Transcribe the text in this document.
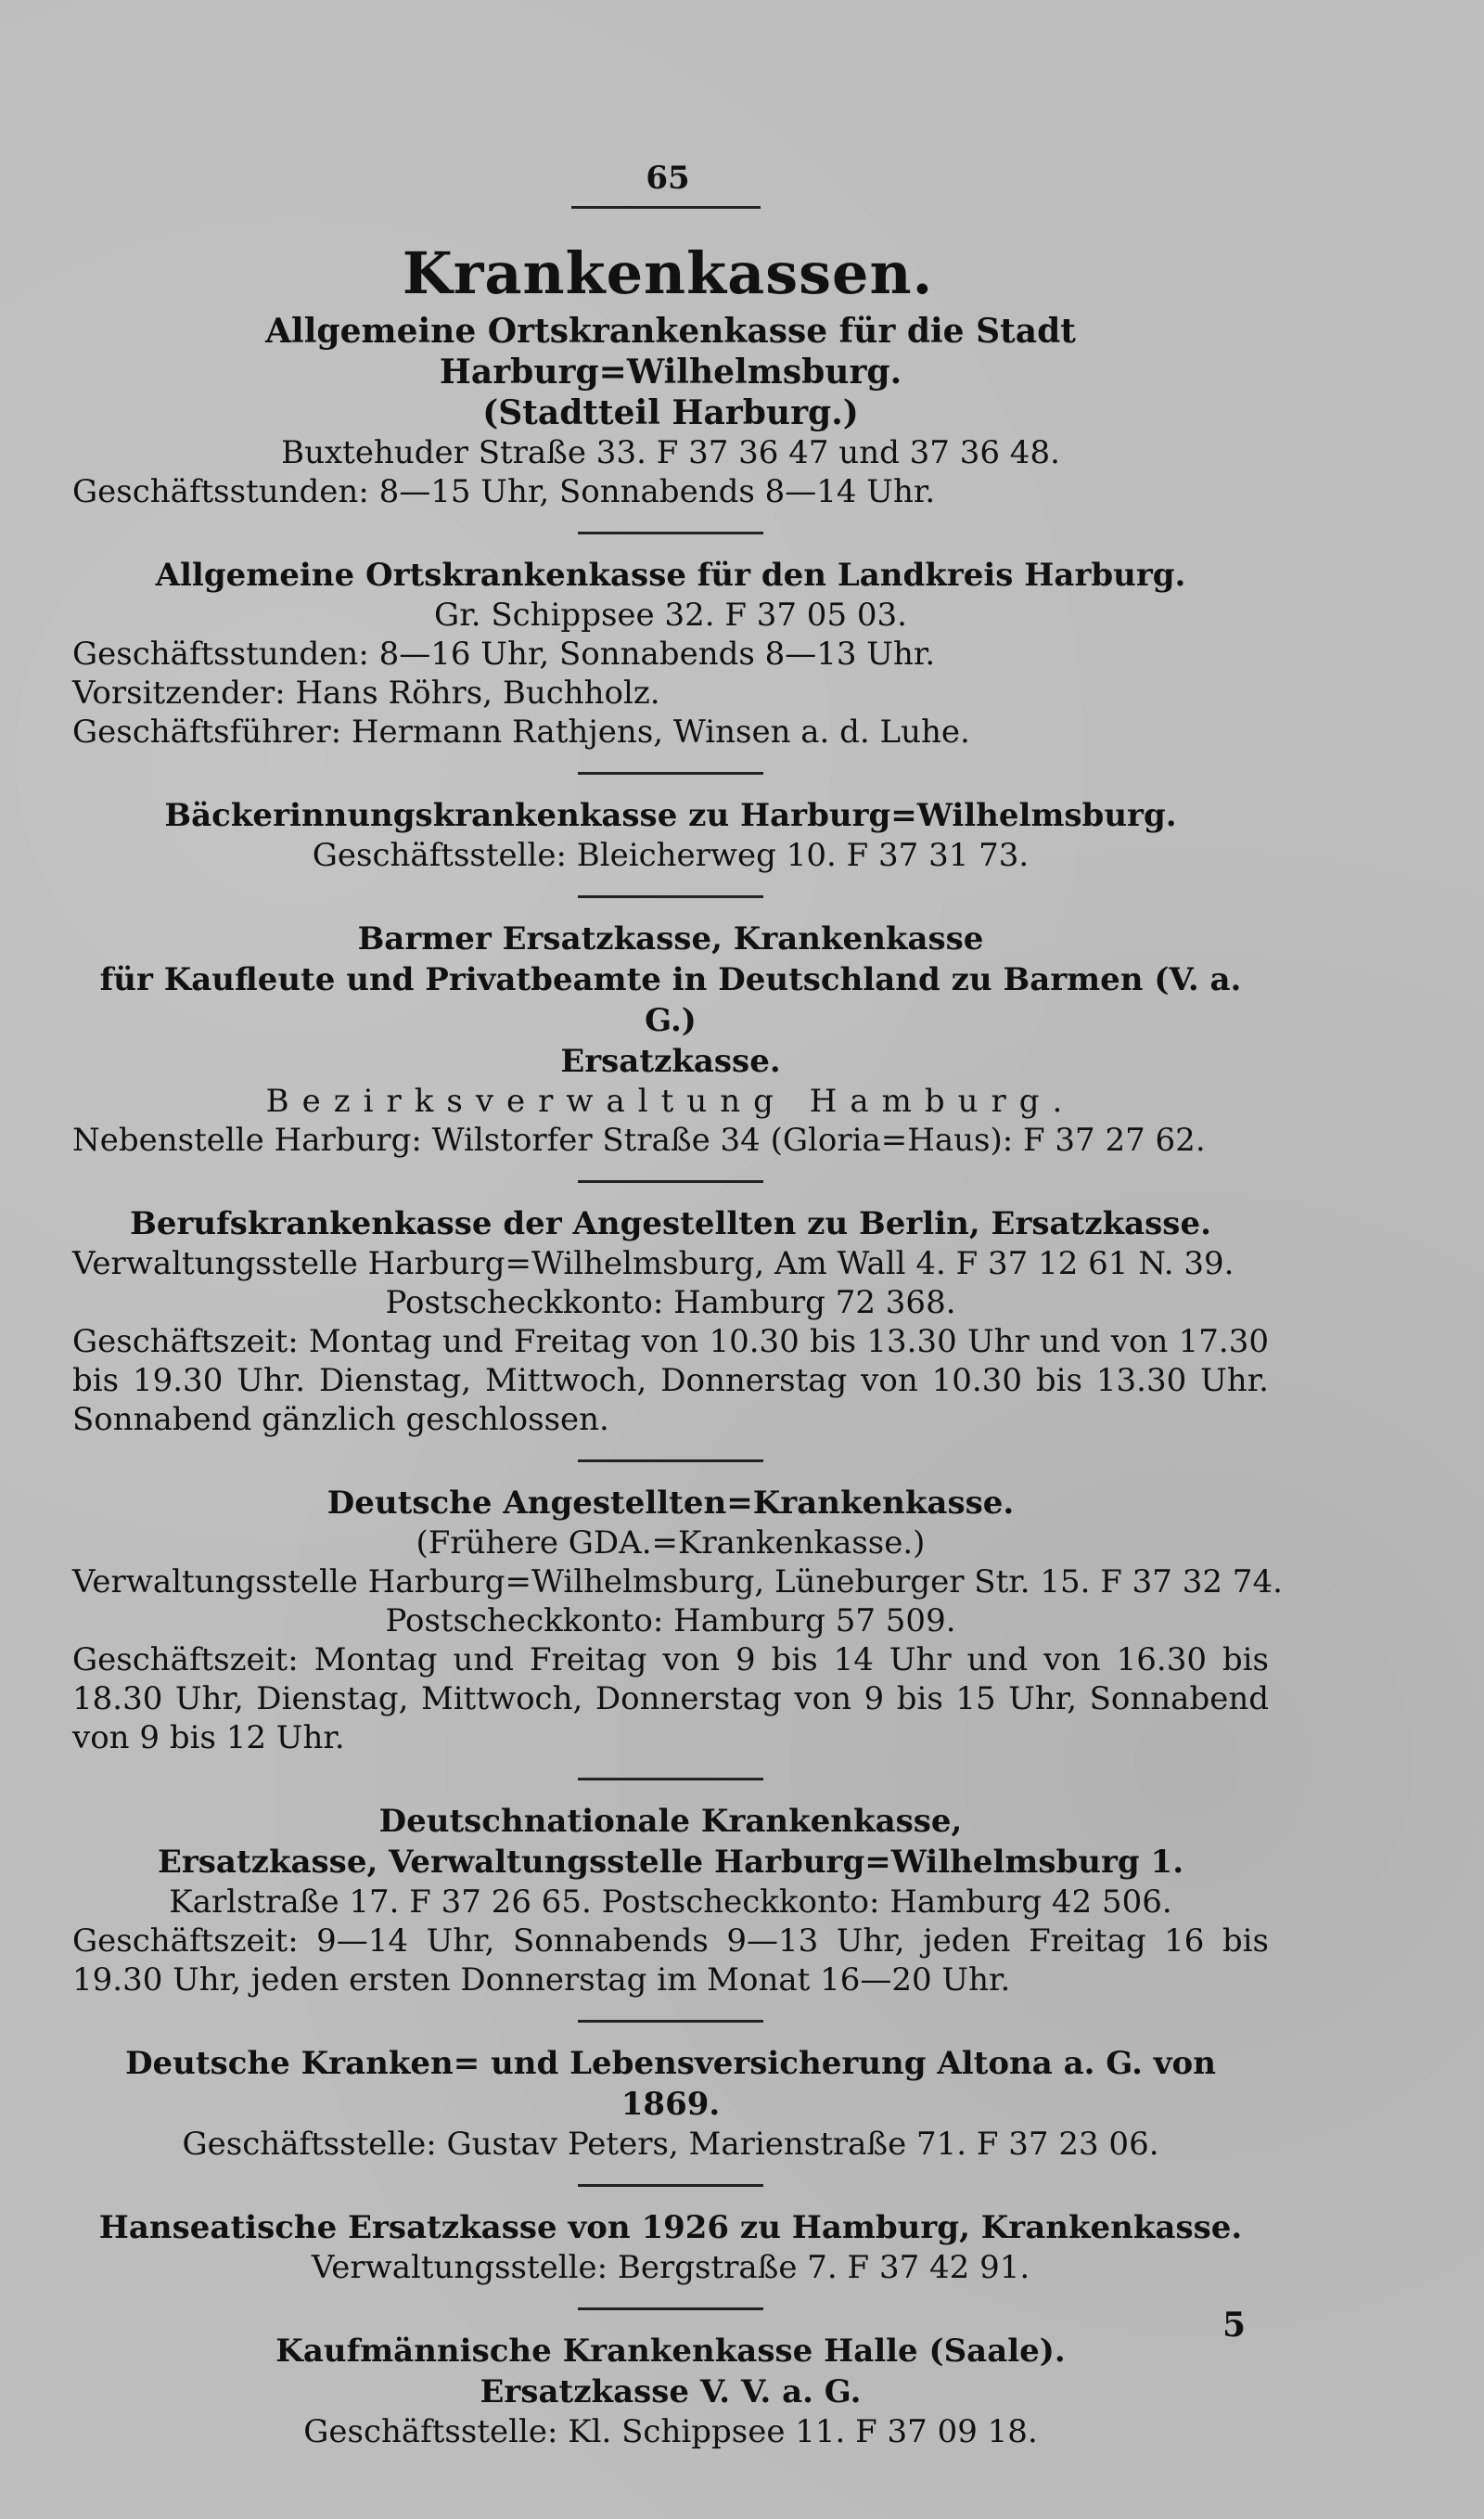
65
Krankenkassen.
Allgemeine Ortskrankenkasse für die Stadt Harburg=Wilhelmsburg.
(Stadtteil Harburg.)
Buxtehuder Straße 33. F 37 36 47 und 37 36 48.
Geschäftsstunden: 8—15 Uhr, Sonnabends 8—14 Uhr.
Allgemeine Ortskrankenkasse für den Landkreis Harburg.
Gr. Schippsee 32. F 37 05 03.
Geschäftsstunden: 8—16 Uhr, Sonnabends 8—13 Uhr.
Vorsitzender: Hans Röhrs, Buchholz.
Geschäftsführer: Hermann Rathjens, Winsen a. d. Luhe.
Bäckerinnungskrankenkasse zu Harburg=Wilhelmsburg.
Geschäftsstelle: Bleicherweg 10. F 37 31 73.
Barmer Ersatzkasse, Krankenkasse
für Kaufleute und Privatbeamte in Deutschland zu Barmen (V. a. G.)
Ersatzkasse.
Bezirksverwaltung Hamburg.
Nebenstelle Harburg: Wilstorfer Straße 34 (Gloria=Haus): F 37 27 62.
Berufskrankenkasse der Angestellten zu Berlin, Ersatzkasse.
Verwaltungsstelle Harburg=Wilhelmsburg, Am Wall 4. F 37 12 61 N. 39.
Postscheckkonto: Hamburg 72 368.
Geschäftszeit: Montag und Freitag von 10.30 bis 13.30 Uhr und von 17.30 bis 19.30 Uhr. Dienstag, Mittwoch, Donnerstag von 10.30 bis 13.30 Uhr. Sonnabend gänzlich geschlossen.
Deutsche Angestellten=Krankenkasse.
(Frühere GDA.=Krankenkasse.)
Verwaltungsstelle Harburg=Wilhelmsburg, Lüneburger Str. 15. F 37 32 74.
Postscheckkonto: Hamburg 57 509.
Geschäftszeit: Montag und Freitag von 9 bis 14 Uhr und von 16.30 bis 18.30 Uhr, Dienstag, Mittwoch, Donnerstag von 9 bis 15 Uhr, Sonnabend von 9 bis 12 Uhr.
Deutschnationale Krankenkasse,
Ersatzkasse, Verwaltungsstelle Harburg=Wilhelmsburg 1.
Karlstraße 17. F 37 26 65. Postscheckkonto: Hamburg 42 506.
Geschäftszeit: 9—14 Uhr, Sonnabends 9—13 Uhr, jeden Freitag 16 bis 19.30 Uhr, jeden ersten Donnerstag im Monat 16—20 Uhr.
Deutsche Kranken= und Lebensversicherung Altona a. G. von 1869.
Geschäftsstelle: Gustav Peters, Marienstraße 71. F 37 23 06.
Hanseatische Ersatzkasse von 1926 zu Hamburg, Krankenkasse.
Verwaltungsstelle: Bergstraße 7. F 37 42 91.
Kaufmännische Krankenkasse Halle (Saale).
Ersatzkasse V. V. a. G.
Geschäftsstelle: Kl. Schippsee 11. F 37 09 18.
5
